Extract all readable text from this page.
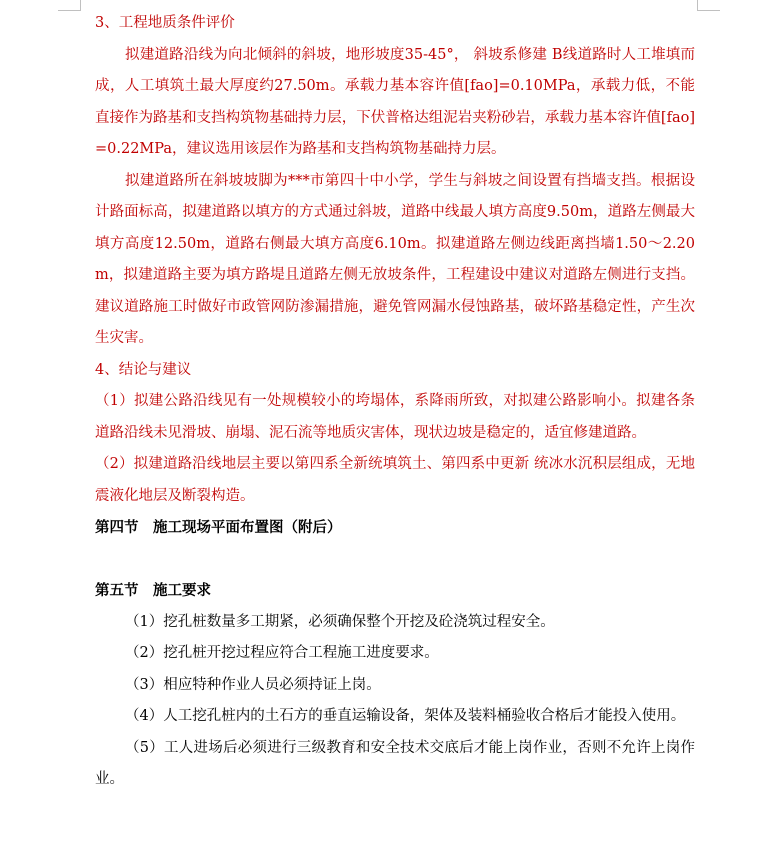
3、工程地质条件评价

拟建道路沿线为向北倾斜的斜坡，地形坡度35-45°， 斜坡系修建 B线道路时人工堆填而成，人工填筑土最大厚度约27.50m。承载力基本容许值[fao]=0.10MPa，承载力低，不能直接作为路基和支挡构筑物基础持力层，下伏普格达组泥岩夹粉砂岩，承载力基本容许值[fao]=0.22MPa，建议选用该层作为路基和支挡构筑物基础持力层。

拟建道路所在斜坡坡脚为***市第四十中小学，学生与斜坡之间设置有挡墙支挡。根据设计路面标高，拟建道路以填方的方式通过斜坡，道路中线最人填方高度9.50m，道路左侧最大填方高度12.50m，道路右侧最大填方高度6.10m。拟建道路左侧边线距离挡墙1.50～2.20m，拟建道路主要为填方路堤且道路左侧无放坡条件，工程建设中建议对道路左侧进行支挡。建议道路施工时做好市政管网防渗漏措施，避免管网漏水侵蚀路基，破坏路基稳定性，产生次生灾害。

4、结论与建议

（1）拟建公路沿线见有一处规模较小的垮塌体，系降雨所致，对拟建公路影响小。拟建各条道路沿线未见滑坡、崩塌、泥石流等地质灾害体，现状边坡是稳定的，适宜修建道路。

（2）拟建道路沿线地层主要以第四系全新统填筑土、第四系中更新 统冰水沉积层组成，无地震液化地层及断裂构造。

第四节　施工现场平面布置图（附后）

第五节　施工要求

（1）挖孔桩数量多工期紧，必须确保整个开挖及砼浇筑过程安全。

（2）挖孔桩开挖过程应符合工程施工进度要求。

（3）相应特种作业人员必须持证上岗。

（4）人工挖孔桩内的土石方的垂直运输设备，架体及装料桶验收合格后才能投入使用。

（5）工人进场后必须进行三级教育和安全技术交底后才能上岗作业，否则不允许上岗作业。
